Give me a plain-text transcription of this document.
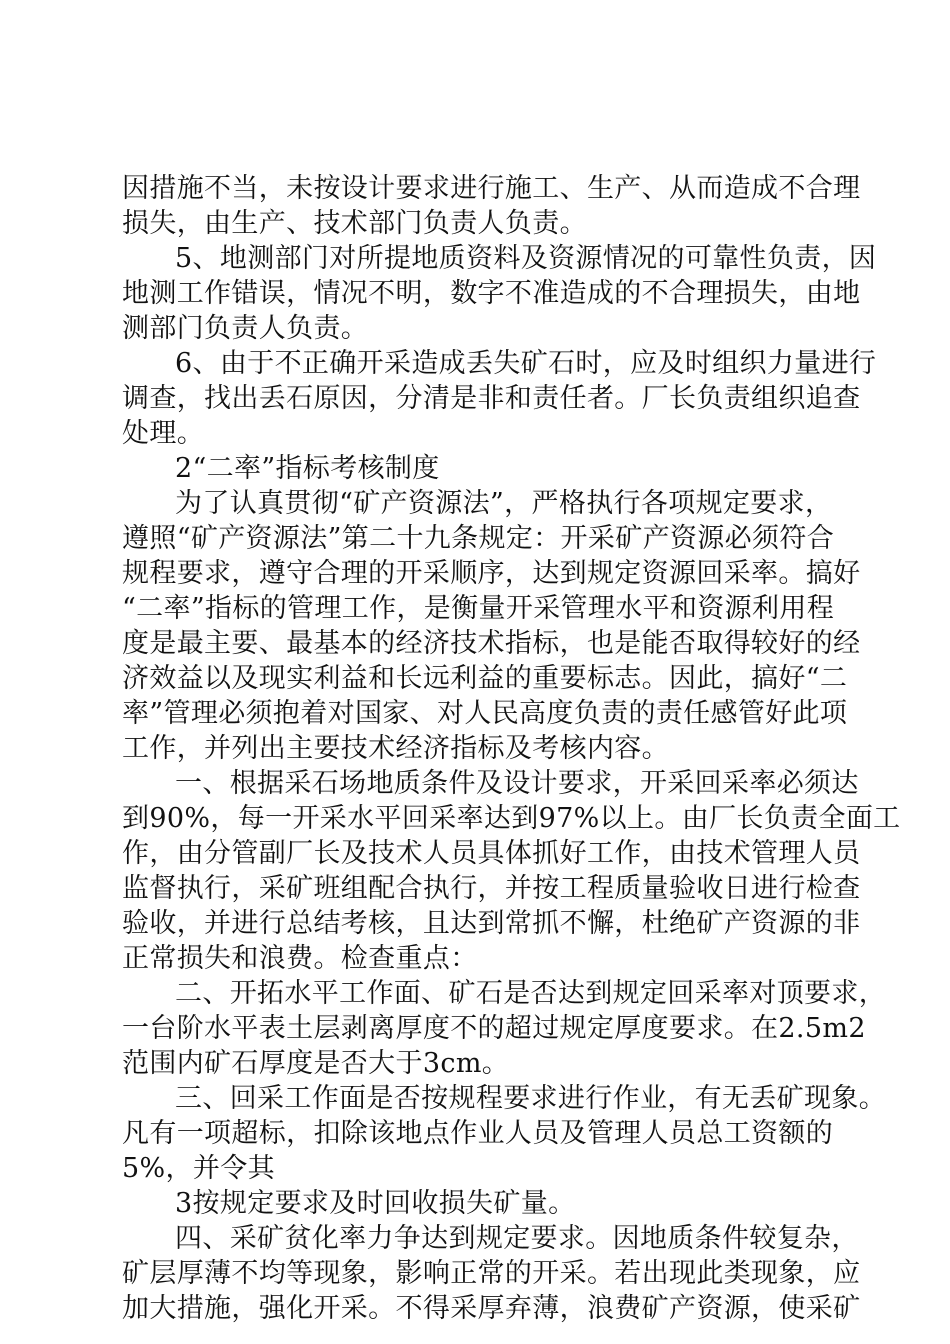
因措施不当，未按设计要求进行施工、生产、从而造成不合理
损失，由生产、技术部门负责人负责。
5、地测部门对所提地质资料及资源情况的可靠性负责，因
地测工作错误，情况不明，数字不准造成的不合理损失，由地
测部门负责人负责。
6、由于不正确开采造成丢失矿石时，应及时组织力量进行
调查，找出丢石原因，分清是非和责任者。厂长负责组织追查
处理。
2“二率”指标考核制度
为了认真贯彻“矿产资源法”，严格执行各项规定要求，
遵照“矿产资源法”第二十九条规定：开采矿产资源必须符合
规程要求，遵守合理的开采顺序，达到规定资源回采率。搞好
“二率”指标的管理工作，是衡量开采管理水平和资源利用程
度是最主要、最基本的经济技术指标，也是能否取得较好的经
济效益以及现实利益和长远利益的重要标志。因此，搞好“二
率”管理必须抱着对国家、对人民高度负责的责任感管好此项
工作，并列出主要技术经济指标及考核内容。
一、根据采石场地质条件及设计要求，开采回采率必须达
到90%，每一开采水平回采率达到97%以上。由厂长负责全面工
作，由分管副厂长及技术人员具体抓好工作，由技术管理人员
监督执行，采矿班组配合执行，并按工程质量验收日进行检查
验收，并进行总结考核，且达到常抓不懈，杜绝矿产资源的非
正常损失和浪费。检查重点：
二、开拓水平工作面、矿石是否达到规定回采率对顶要求，
一台阶水平表土层剥离厚度不的超过规定厚度要求。在2.5m2
范围内矿石厚度是否大于3cm。
三、回采工作面是否按规程要求进行作业，有无丢矿现象。
凡有一项超标，扣除该地点作业人员及管理人员总工资额的
5%，并令其
3按规定要求及时回收损失矿量。
四、采矿贫化率力争达到规定要求。因地质条件较复杂，
矿层厚薄不均等现象，影响正常的开采。若出现此类现象，应
加大措施，强化开采。不得采厚弃薄，浪费矿产资源，使采矿
